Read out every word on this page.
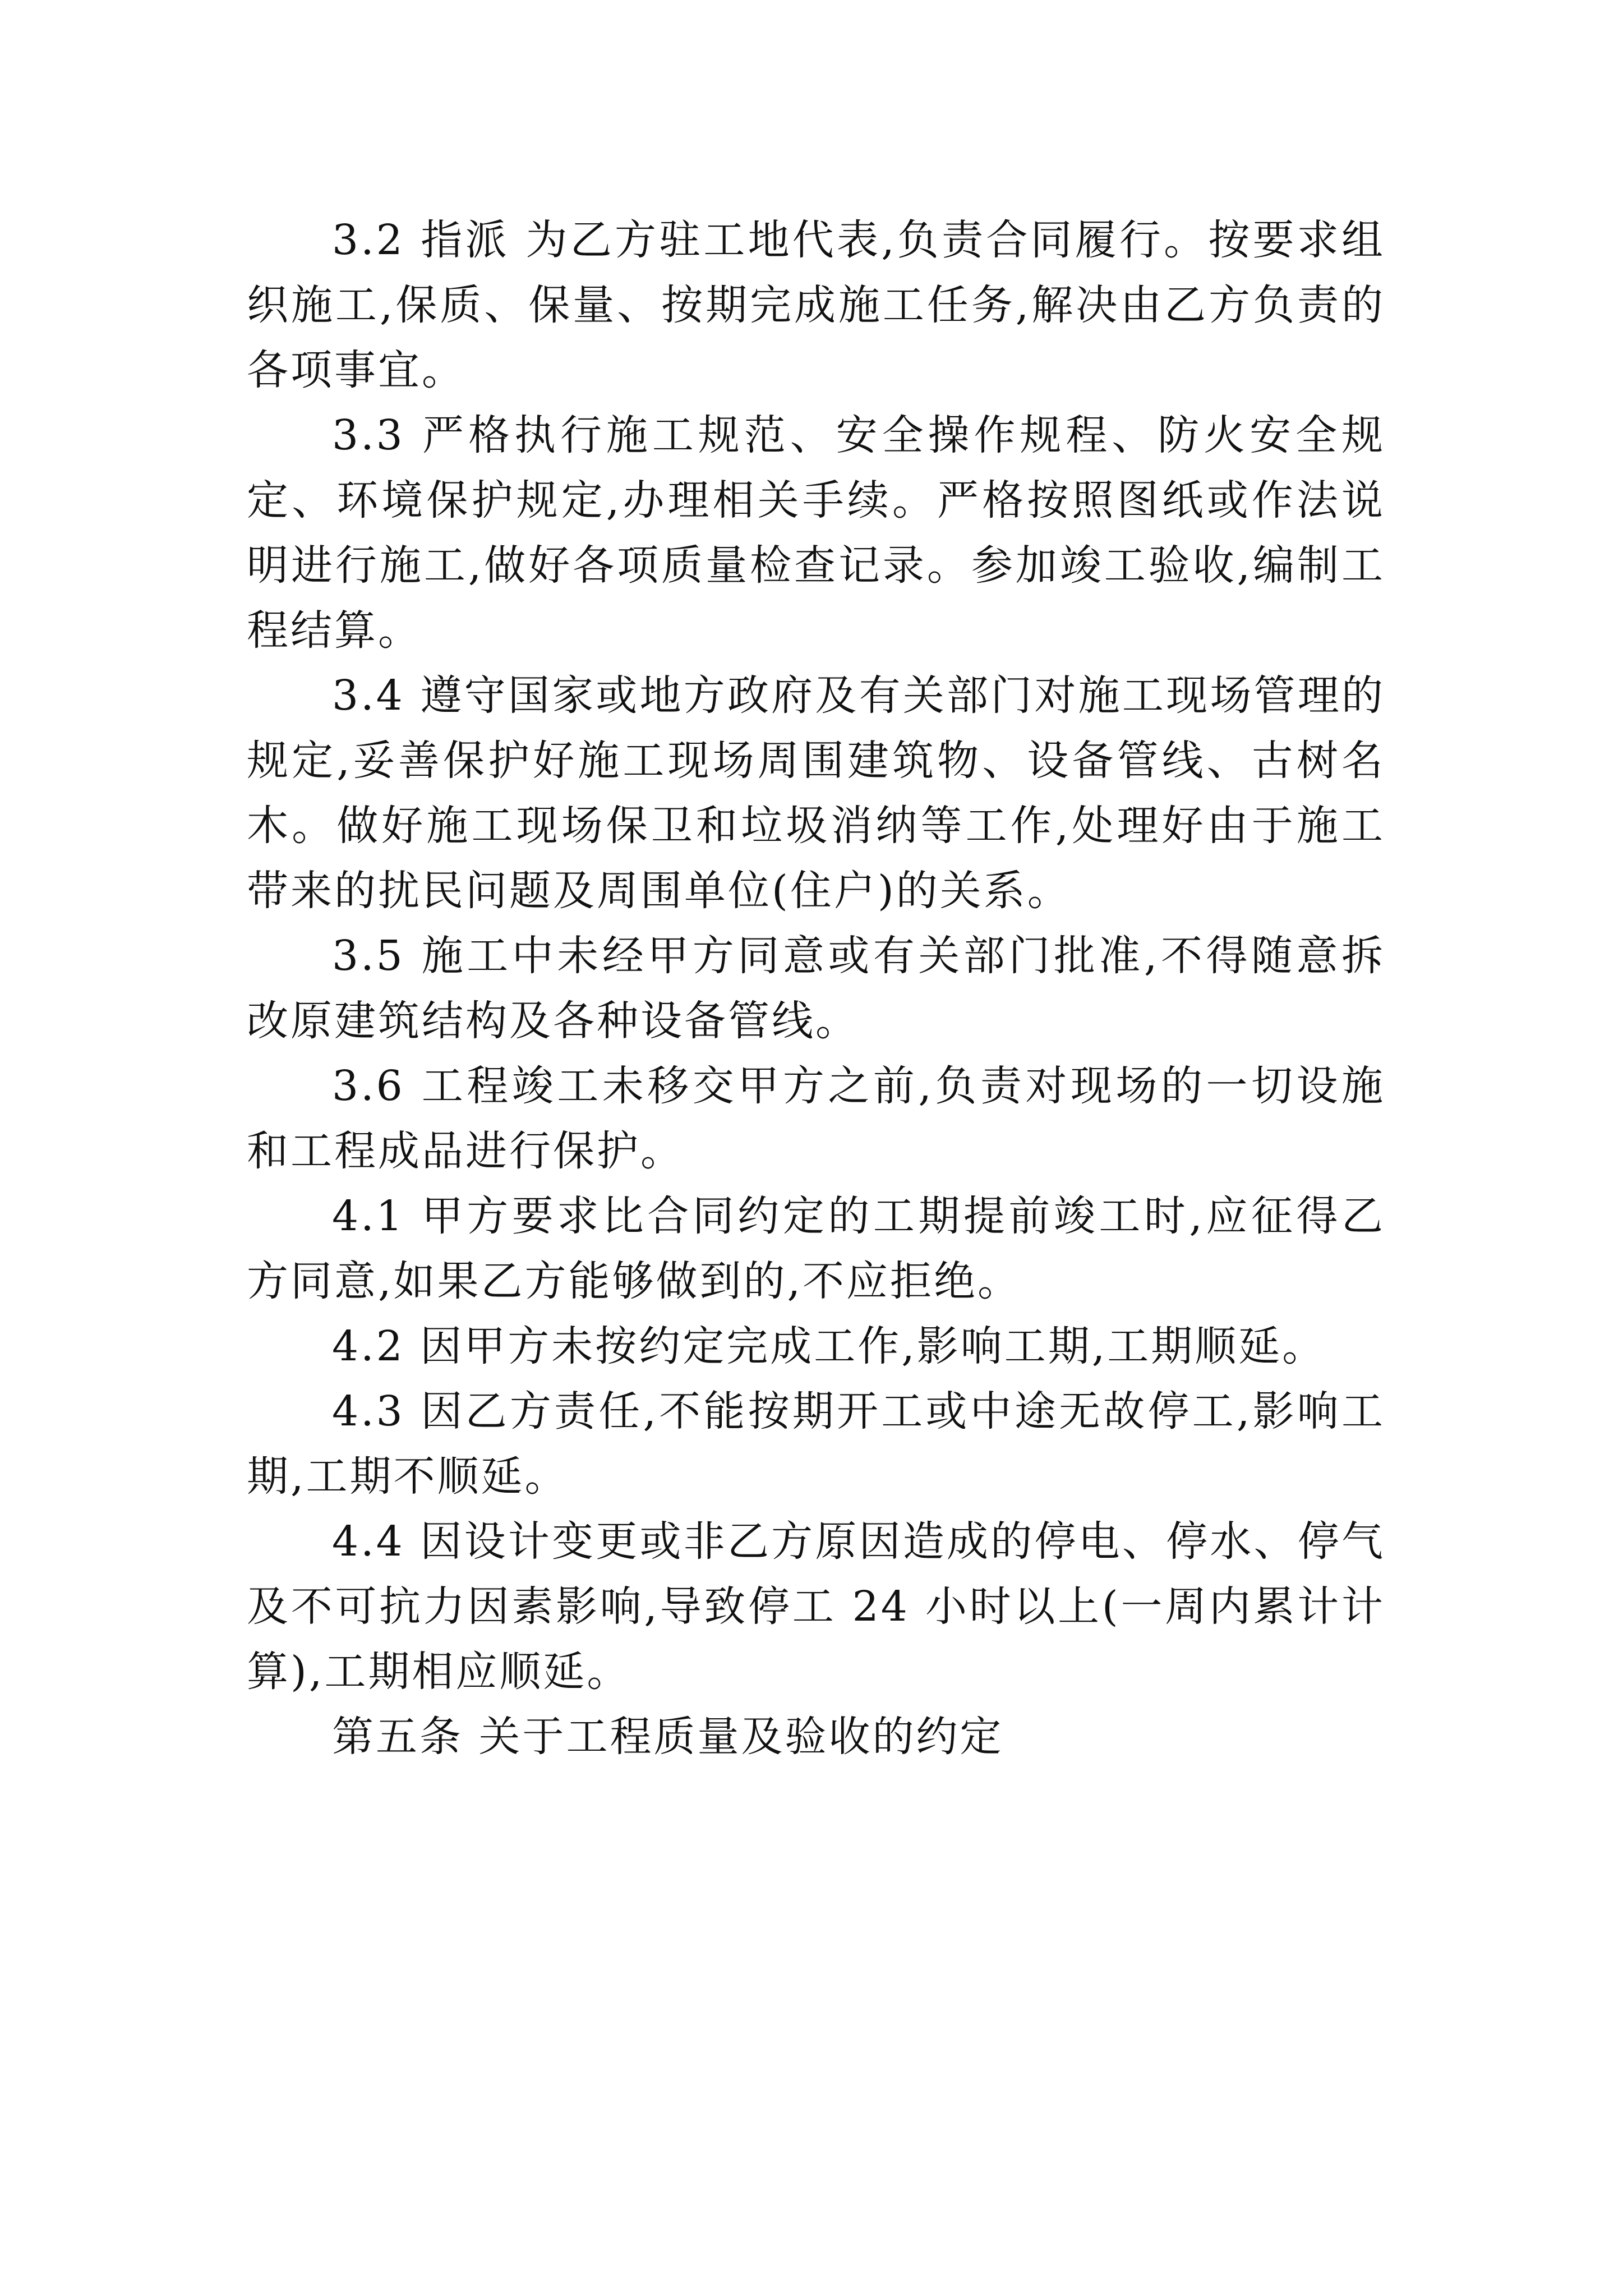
3.2 指派 为乙方驻工地代表,负责合同履行。按要求组织施工,保质、保量、按期完成施工任务,解决由乙方负责的各项事宜。

3.3 严格执行施工规范、安全操作规程、防火安全规定、环境保护规定,办理相关手续。严格按照图纸或作法说明进行施工,做好各项质量检查记录。参加竣工验收,编制工程结算。

3.4 遵守国家或地方政府及有关部门对施工现场管理的规定,妥善保护好施工现场周围建筑物、设备管线、古树名木。做好施工现场保卫和垃圾消纳等工作,处理好由于施工带来的扰民问题及周围单位(住户)的关系。

3.5 施工中未经甲方同意或有关部门批准,不得随意拆改原建筑结构及各种设备管线。

3.6 工程竣工未移交甲方之前,负责对现场的一切设施和工程成品进行保护。

4.1 甲方要求比合同约定的工期提前竣工时,应征得乙方同意,如果乙方能够做到的,不应拒绝。

4.2 因甲方未按约定完成工作,影响工期,工期顺延。

4.3 因乙方责任,不能按期开工或中途无故停工,影响工期,工期不顺延。

4.4 因设计变更或非乙方原因造成的停电、停水、停气及不可抗力因素影响,导致停工 24 小时以上(一周内累计计算),工期相应顺延。

第五条 关于工程质量及验收的约定
